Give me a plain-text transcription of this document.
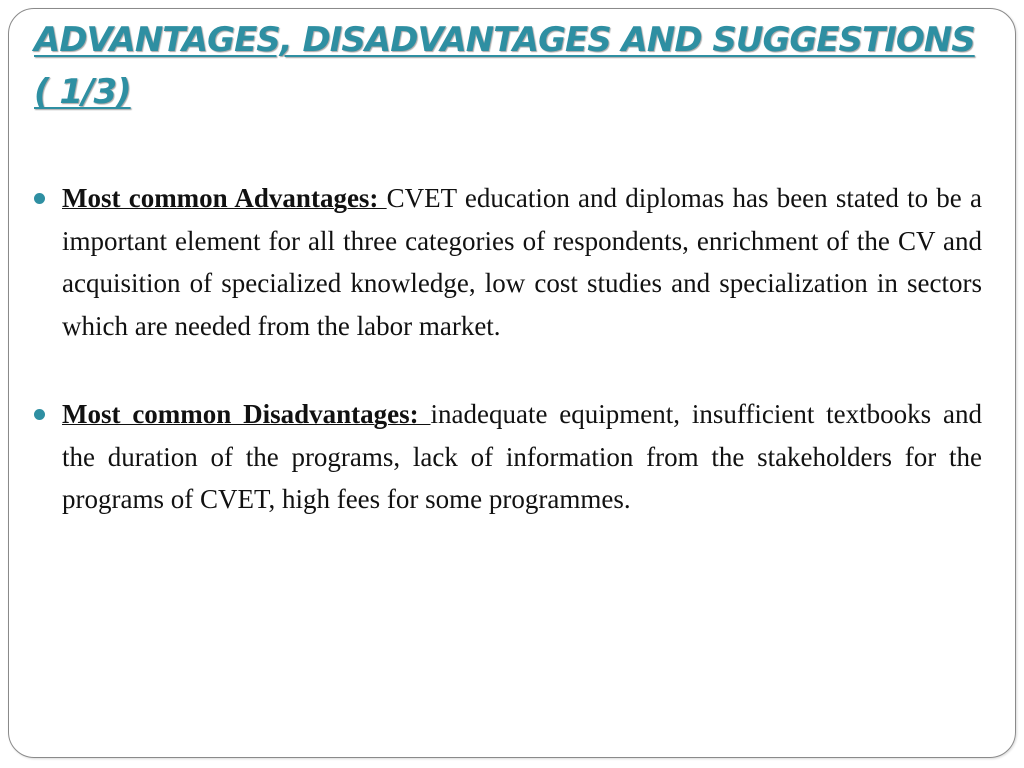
ADVANTAGES, DISADVANTAGES AND SUGGESTIONS ( 1/3)
Most common Advantages: CVET education and diplomas has been stated to be a important element for all three categories of respondents, enrichment of the CV and acquisition of specialized knowledge, low cost studies and specialization in sectors which are needed from the labor market.
Most common Disadvantages: inadequate equipment, insufficient textbooks and the duration of the programs, lack of information from the stakeholders for the programs of CVET, high fees for some programmes.
